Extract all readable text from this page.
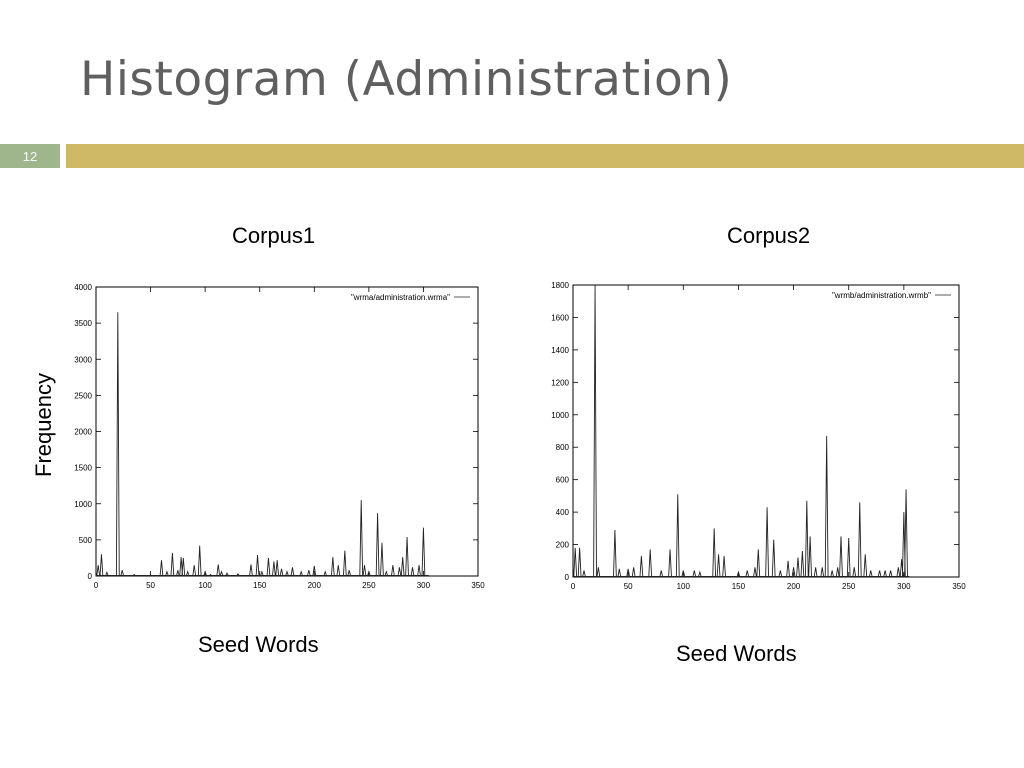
Histogram (Administration)
12
Corpus1	Corpus2
Frequency
0
500
1000
1500
2000
2500
3000
3500
4000
0	50	100	150	200	250	300	350
"wrma/administration.wrma"
0
200
400
600
800
1000
1200
1400
1600
1800
0	50	100	150	200	250	300	350
"wrmb/administration.wrmb"
Seed Words	Seed Words
